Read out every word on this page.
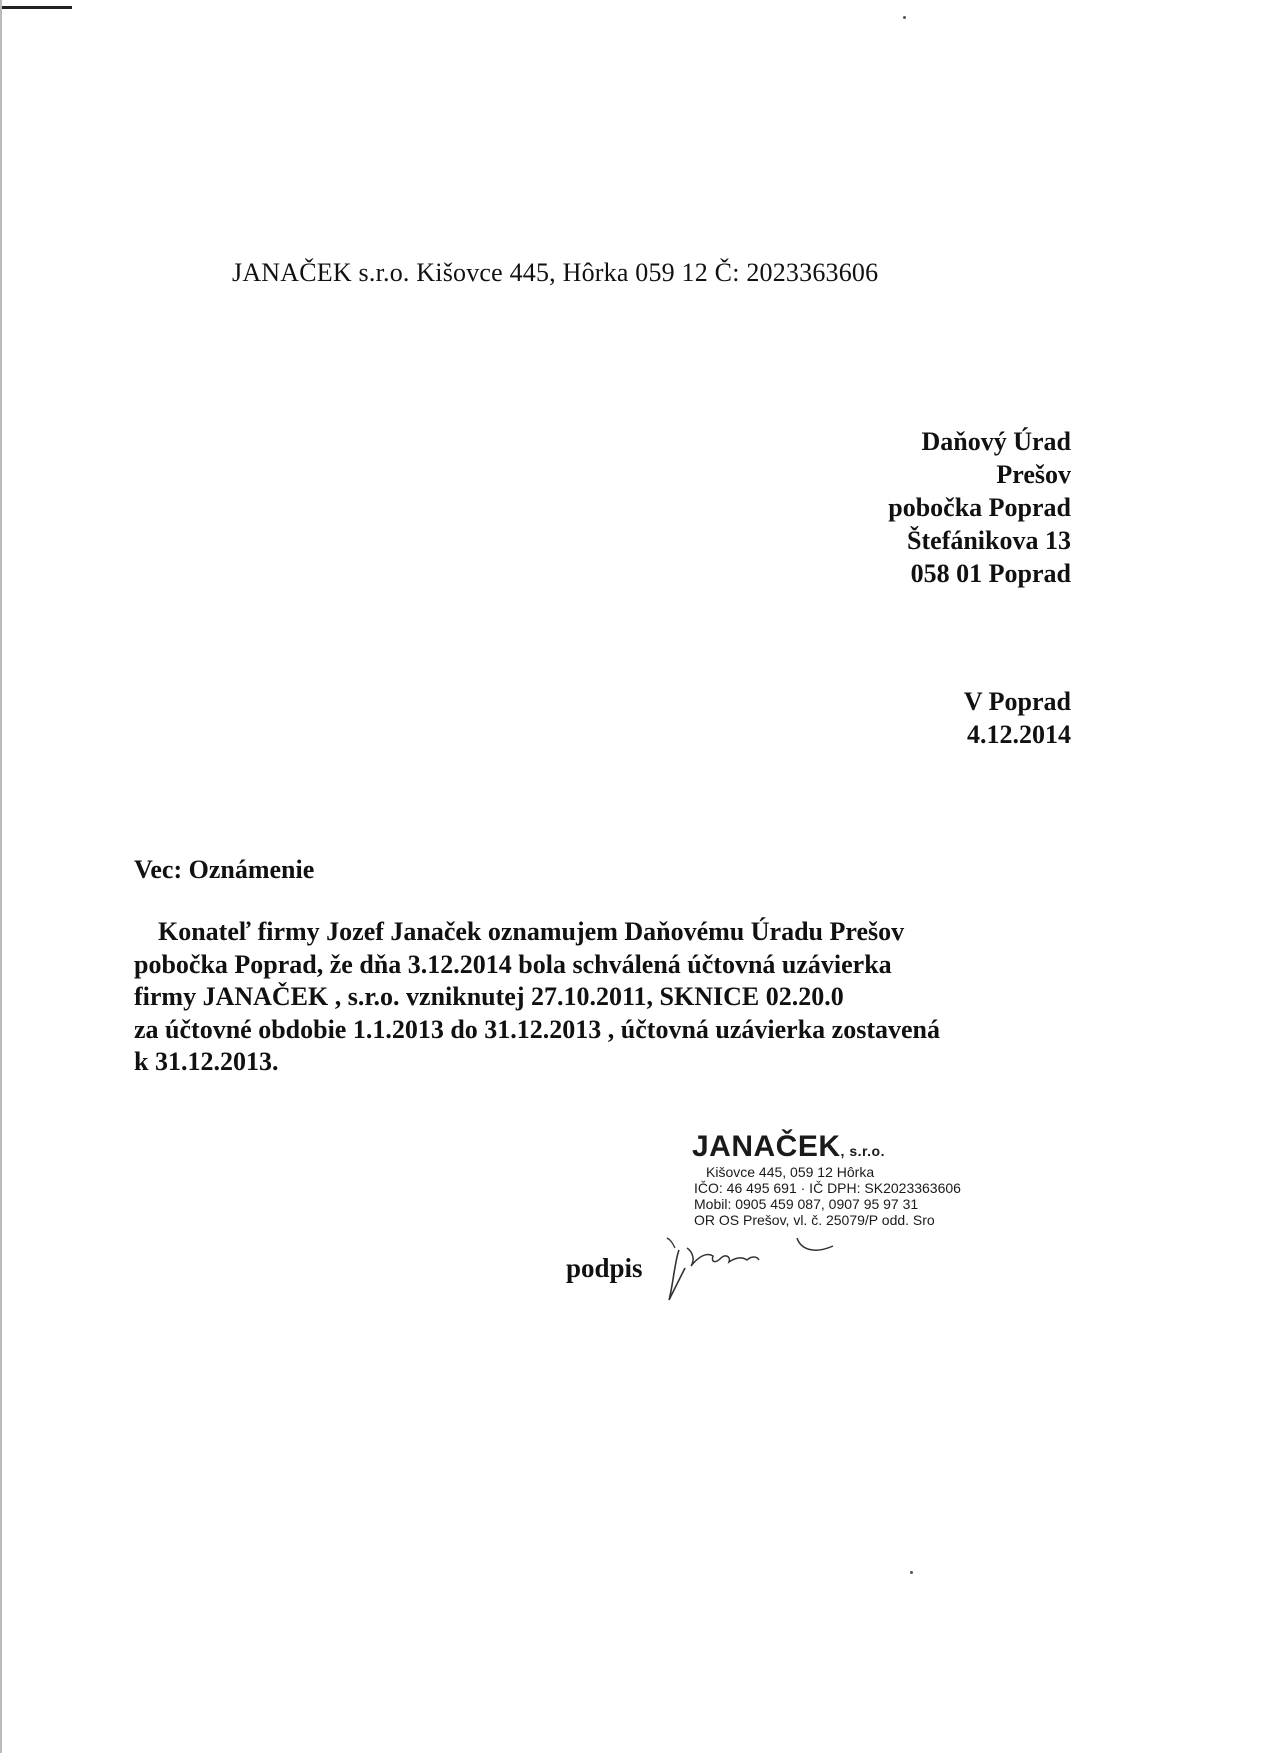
JANAČEK s.r.o. Kišovce 445, Hôrka 059 12 Č: 2023363606
Daňový Úrad
Prešov
pobočka Poprad
Štefánikova 13
058 01 Poprad
V Poprad
4.12.2014
Vec: Oznámenie
Konateľ firmy Jozef Janaček oznamujem Daňovému Úradu Prešov
pobočka Poprad, že dňa 3.12.2014 bola schválená účtovná uzávierka
firmy JANAČEK , s.r.o. vzniknutej 27.10.2011, SKNICE 02.20.0
za účtovné obdobie 1.1.2013 do 31.12.2013 , účtovná uzávierka zostavená
k 31.12.2013.
JANAČEK, s.r.o.
Kišovce 445, 059 12 Hôrka
IČO: 46 495 691 · IČ DPH: SK2023363606
Mobil: 0905 459 087, 0907 95 97 31
OR OS Prešov, vl. č. 25079/P odd. Sro
podpis
